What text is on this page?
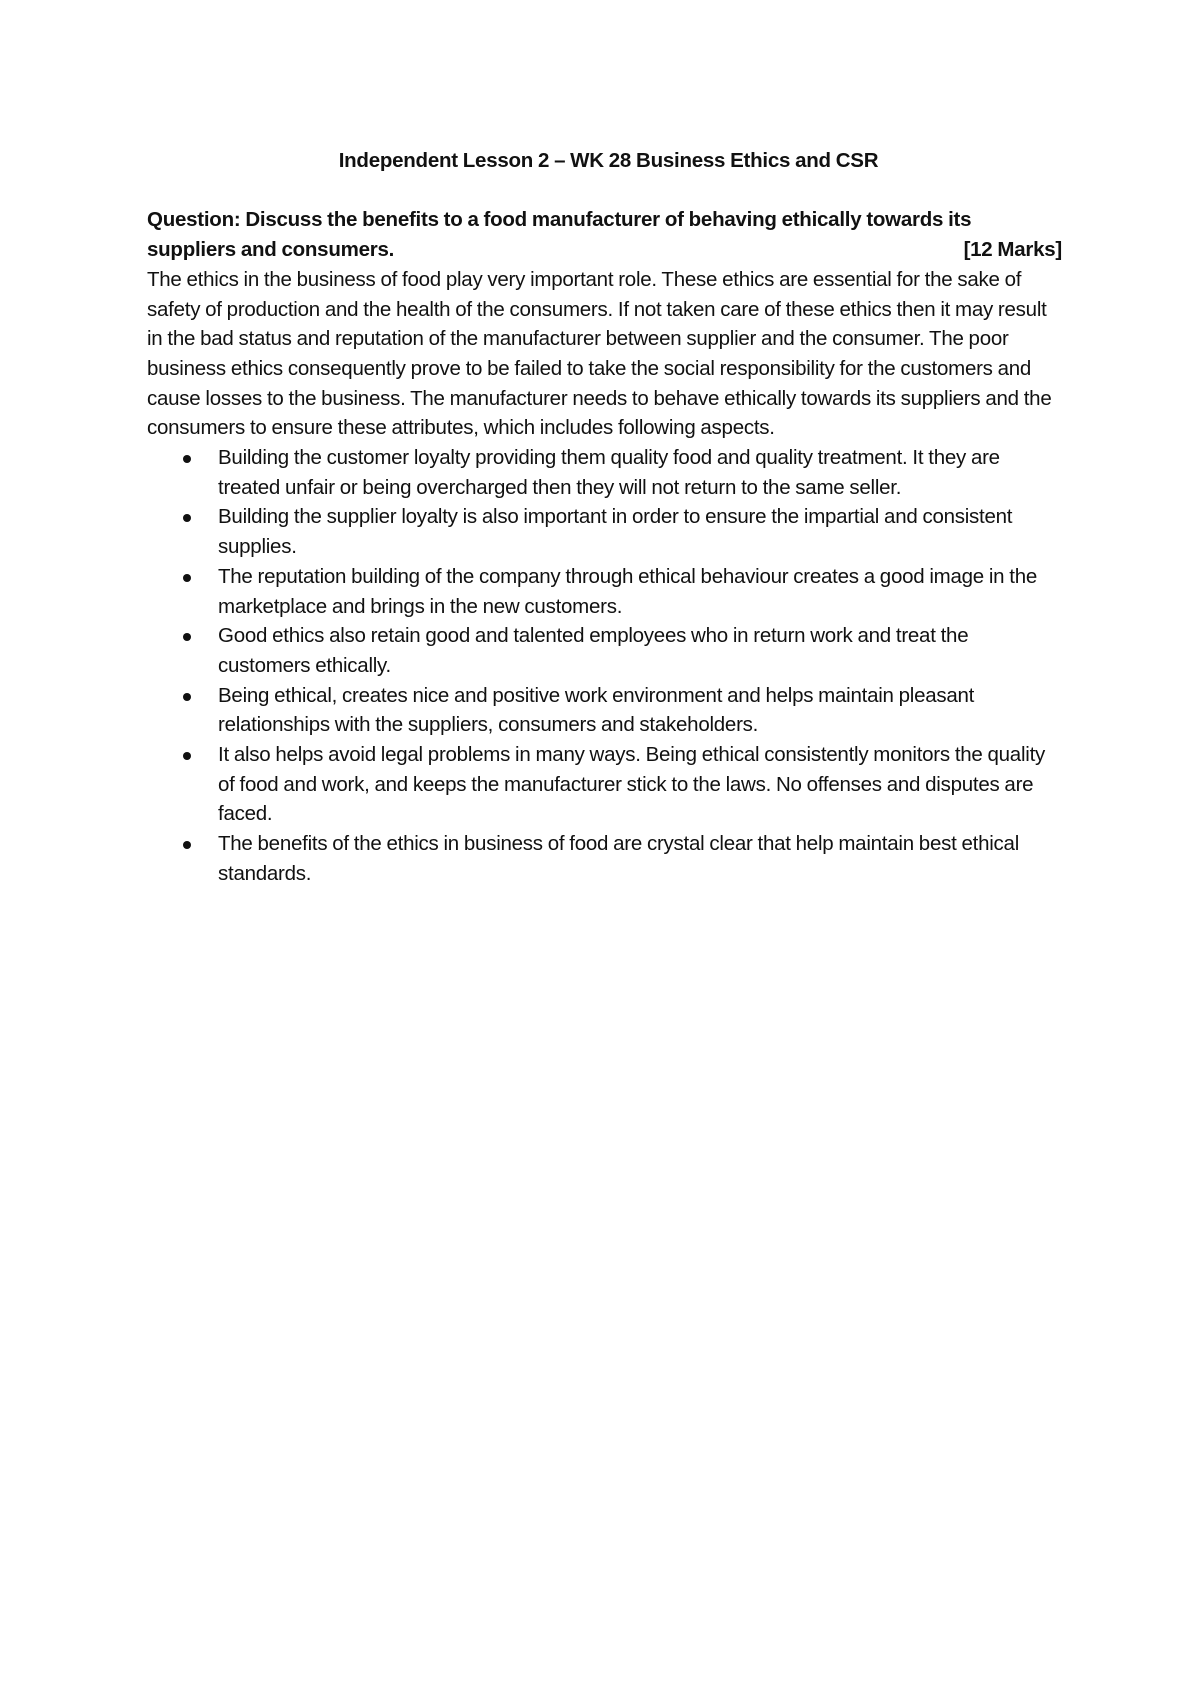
Independent Lesson 2 – WK 28 Business Ethics and CSR
Question: Discuss the benefits to a food manufacturer of behaving ethically towards its
suppliers and consumers.	[12 Marks]

The ethics in the business of food play very important role. These ethics are essential for the sake of safety of production and the health of the consumers. If not taken care of these ethics then it may result in the bad status and reputation of the manufacturer between supplier and the consumer. The poor business ethics consequently prove to be failed to take the social responsibility for the customers and cause losses to the business. The manufacturer needs to behave ethically towards its suppliers and the consumers to ensure these attributes, which includes following aspects.

Building the customer loyalty providing them quality food and quality treatment. It they are treated unfair or being overcharged then they will not return to the same seller.
Building the supplier loyalty is also important in order to ensure the impartial and consistent supplies.
The reputation building of the company through ethical behaviour creates a good image in the marketplace and brings in the new customers.
Good ethics also retain good and talented employees who in return work and treat the customers ethically.
Being ethical, creates nice and positive work environment and helps maintain pleasant relationships with the suppliers, consumers and stakeholders.
It also helps avoid legal problems in many ways. Being ethical consistently monitors the quality of food and work, and keeps the manufacturer stick to the laws. No offenses and disputes are faced.
The benefits of the ethics in business of food are crystal clear that help maintain best ethical standards.
